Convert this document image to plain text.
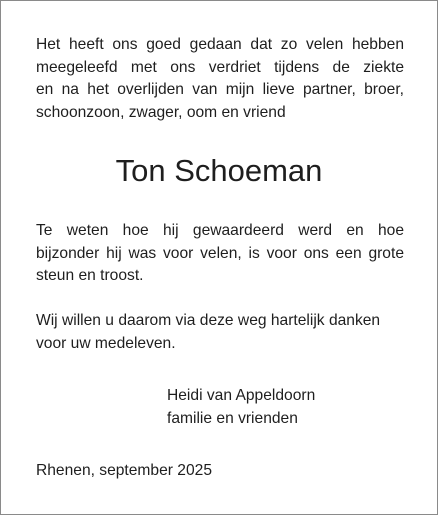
Het heeft ons goed gedaan dat zo velen hebben
meegeleefd met ons verdriet tijdens de ziekte
en na het overlijden van mijn lieve partner, broer,
schoonzoon, zwager, oom en vriend
Ton Schoeman
Te weten hoe hij gewaardeerd werd en hoe
bijzonder hij was voor velen, is voor ons een grote
steun en troost.
Wij willen u daarom via deze weg hartelijk danken
voor uw medeleven.
Heidi van Appeldoorn
familie en vrienden
Rhenen, september 2025
